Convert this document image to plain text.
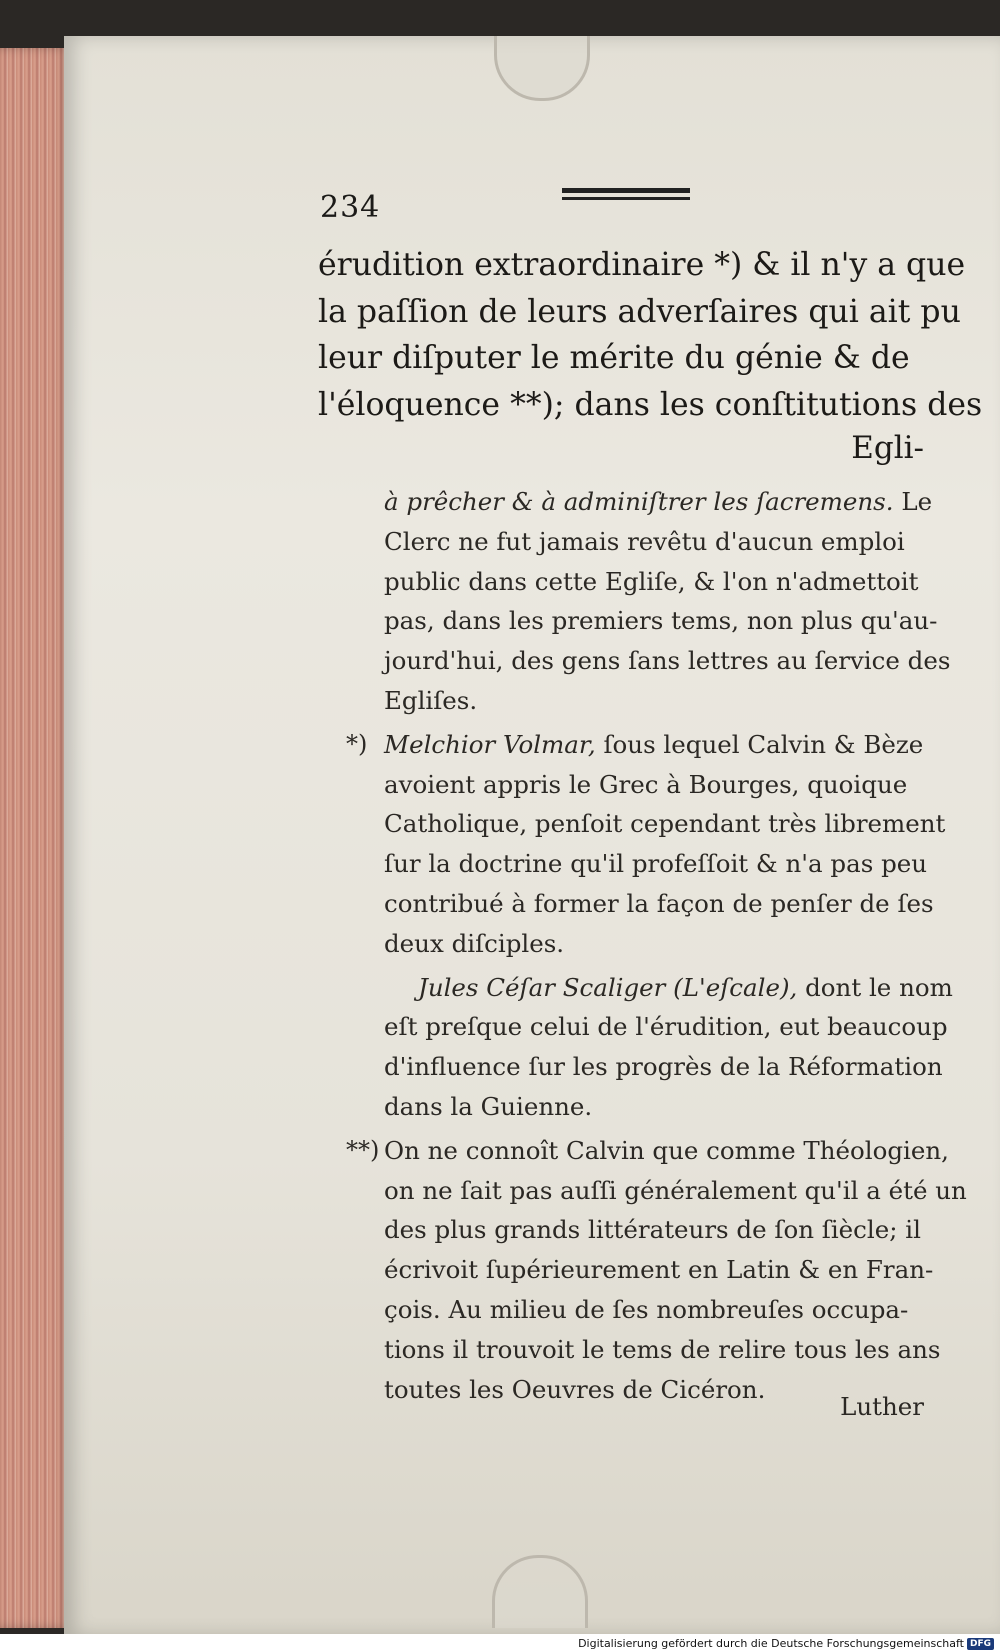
234
érudition extraordinaire *) & il n'y a que
la paſſion de leurs adverſaires qui ait pu
leur diſputer le mérite du génie & de
l'éloquence **); dans les conſtitutions des
Egli-
à prêcher & à adminiſtrer les ſacremens. Le
Clerc ne fut jamais revêtu d'aucun emploi
public dans cette Egliſe, & l'on n'admettoit
pas, dans les premiers tems, non plus qu'au-
jourd'hui, des gens ſans lettres au ſervice des
Egliſes.
*) Melchior Volmar, ſous lequel Calvin & Bèze
avoient appris le Grec à Bourges, quoique
Catholique, penſoit cependant très librement
ſur la doctrine qu'il profeſſoit & n'a pas peu
contribué à former la façon de penſer de ſes
deux diſciples.
Jules Céſar Scaliger (L'eſcale), dont le nom
eſt preſque celui de l'érudition, eut beaucoup
d'influence ſur les progrès de la Réformation
dans la Guienne.
**) On ne connoît Calvin que comme Théologien,
on ne ſait pas auſſi généralement qu'il a été un
des plus grands littérateurs de ſon ſiècle; il
écrivoit ſupérieurement en Latin & en Fran-
çois. Au milieu de ſes nombreuſes occupa-
tions il trouvoit le tems de relire tous les ans
toutes les Oeuvres de Cicéron.
Luther
Digitalisierung gefördert durch die Deutsche Forschungsgemeinschaft DFG
